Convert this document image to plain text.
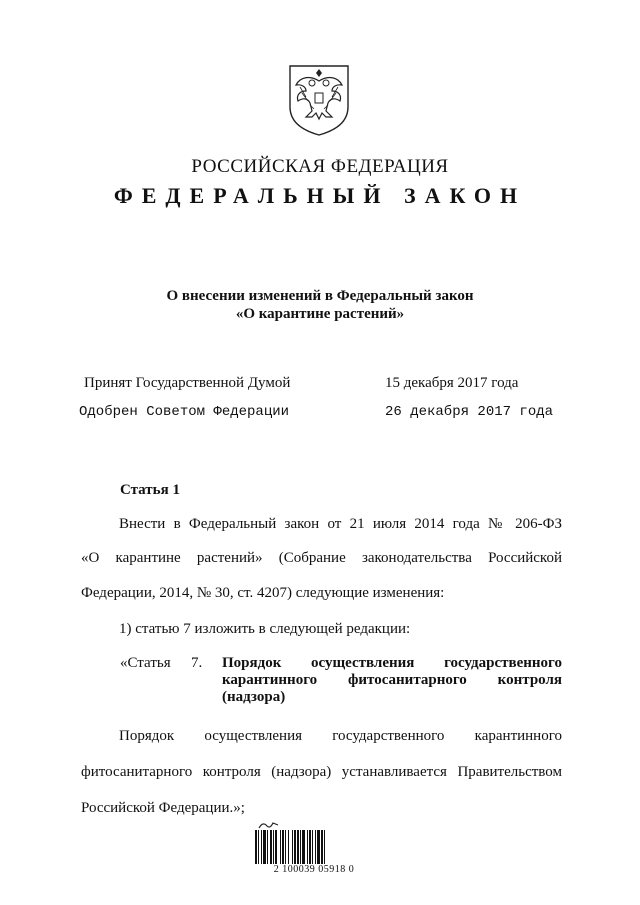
РОССИЙСКАЯ ФЕДЕРАЦИЯ
ФЕДЕРАЛЬНЫЙ ЗАКОН
О внесении изменений в Федеральный закон
«О карантине растений»
Принят Государственной Думой	15 декабря 2017 года
Одобрен Советом Федерации	26 декабря 2017 года
Статья 1
Внести в Федеральный закон от 21 июля 2014 года № 206-ФЗ
«О карантине растений» (Собрание законодательства Российской
Федерации, 2014, № 30, ст. 4207) следующие изменения:
1) статью 7 изложить в следующей редакции:
«Статья 7. Порядок осуществления государственного
карантинного фитосанитарного контроля
(надзора)
Порядок осуществления государственного карантинного
фитосанитарного контроля (надзора) устанавливается Правительством
Российской Федерации.»;
2 100039 05918 0
